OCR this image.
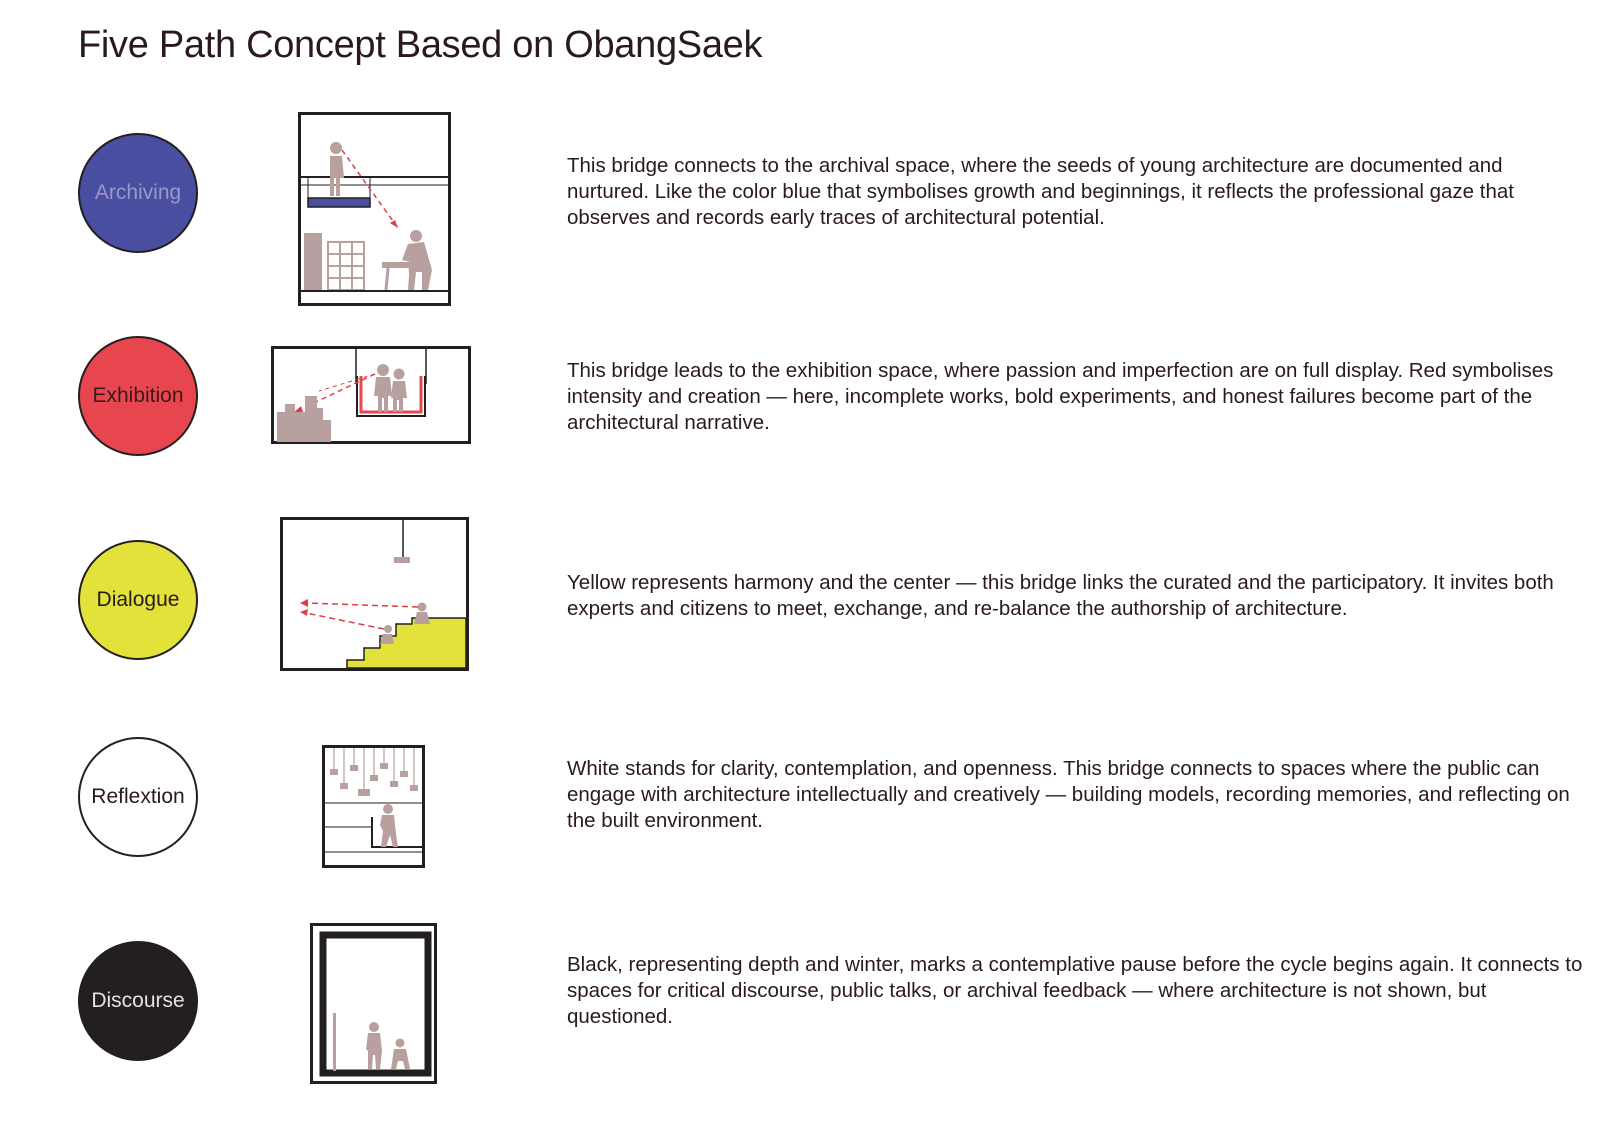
Five Path Concept Based on ObangSaek
Archiving

This bridge connects to the archival space, where the seeds of young architecture are documented and nurtured. Like the color blue that symbolises growth and beginnings, it reflects the professional gaze that observes and records early traces of architectural potential.

Exhibition

This bridge leads to the exhibition space, where passion and imperfection are on full display. Red symbolises intensity and creation — here, incomplete works, bold experiments, and honest failures become part of the architectural narrative.

Dialogue

Yellow represents harmony and the center — this bridge links the curated and the participatory. It invites both experts and citizens to meet, exchange, and re-balance the authorship of architecture.

Reflextion

White stands for clarity, contemplation, and openness. This bridge connects to spaces where the public can engage with architecture intellectually and creatively — building models, recording memories, and reflecting on the built environment.

Discourse

Black, representing depth and winter, marks a contemplative pause before the cycle begins again. It connects to spaces for critical discourse, public talks, or archival feedback — where architecture is not shown, but questioned.
